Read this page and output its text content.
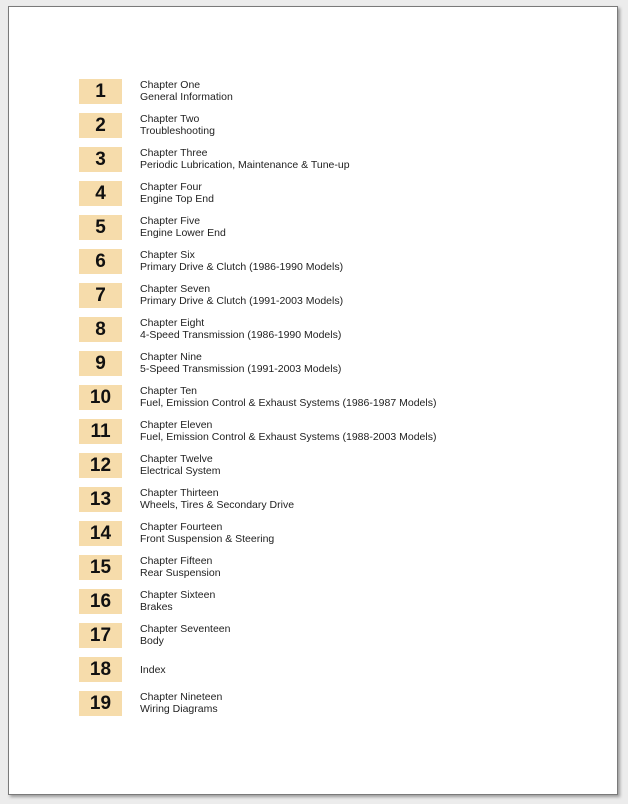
1	Chapter One
General Information
2	Chapter Two
Troubleshooting
3	Chapter Three
Periodic Lubrication, Maintenance & Tune-up
4	Chapter Four
Engine Top End
5	Chapter Five
Engine Lower End
6	Chapter Six
Primary Drive & Clutch (1986-1990 Models)
7	Chapter Seven
Primary Drive & Clutch (1991-2003 Models)
8	Chapter Eight
4-Speed Transmission (1986-1990 Models)
9	Chapter Nine
5-Speed Transmission (1991-2003 Models)
10	Chapter Ten
Fuel, Emission Control & Exhaust Systems (1986-1987 Models)
11	Chapter Eleven
Fuel, Emission Control & Exhaust Systems (1988-2003 Models)
12	Chapter Twelve
Electrical System
13	Chapter Thirteen
Wheels, Tires & Secondary Drive
14	Chapter Fourteen
Front Suspension & Steering
15	Chapter Fifteen
Rear Suspension
16	Chapter Sixteen
Brakes
17	Chapter Seventeen
Body
18	Index
19	Chapter Nineteen
Wiring Diagrams
